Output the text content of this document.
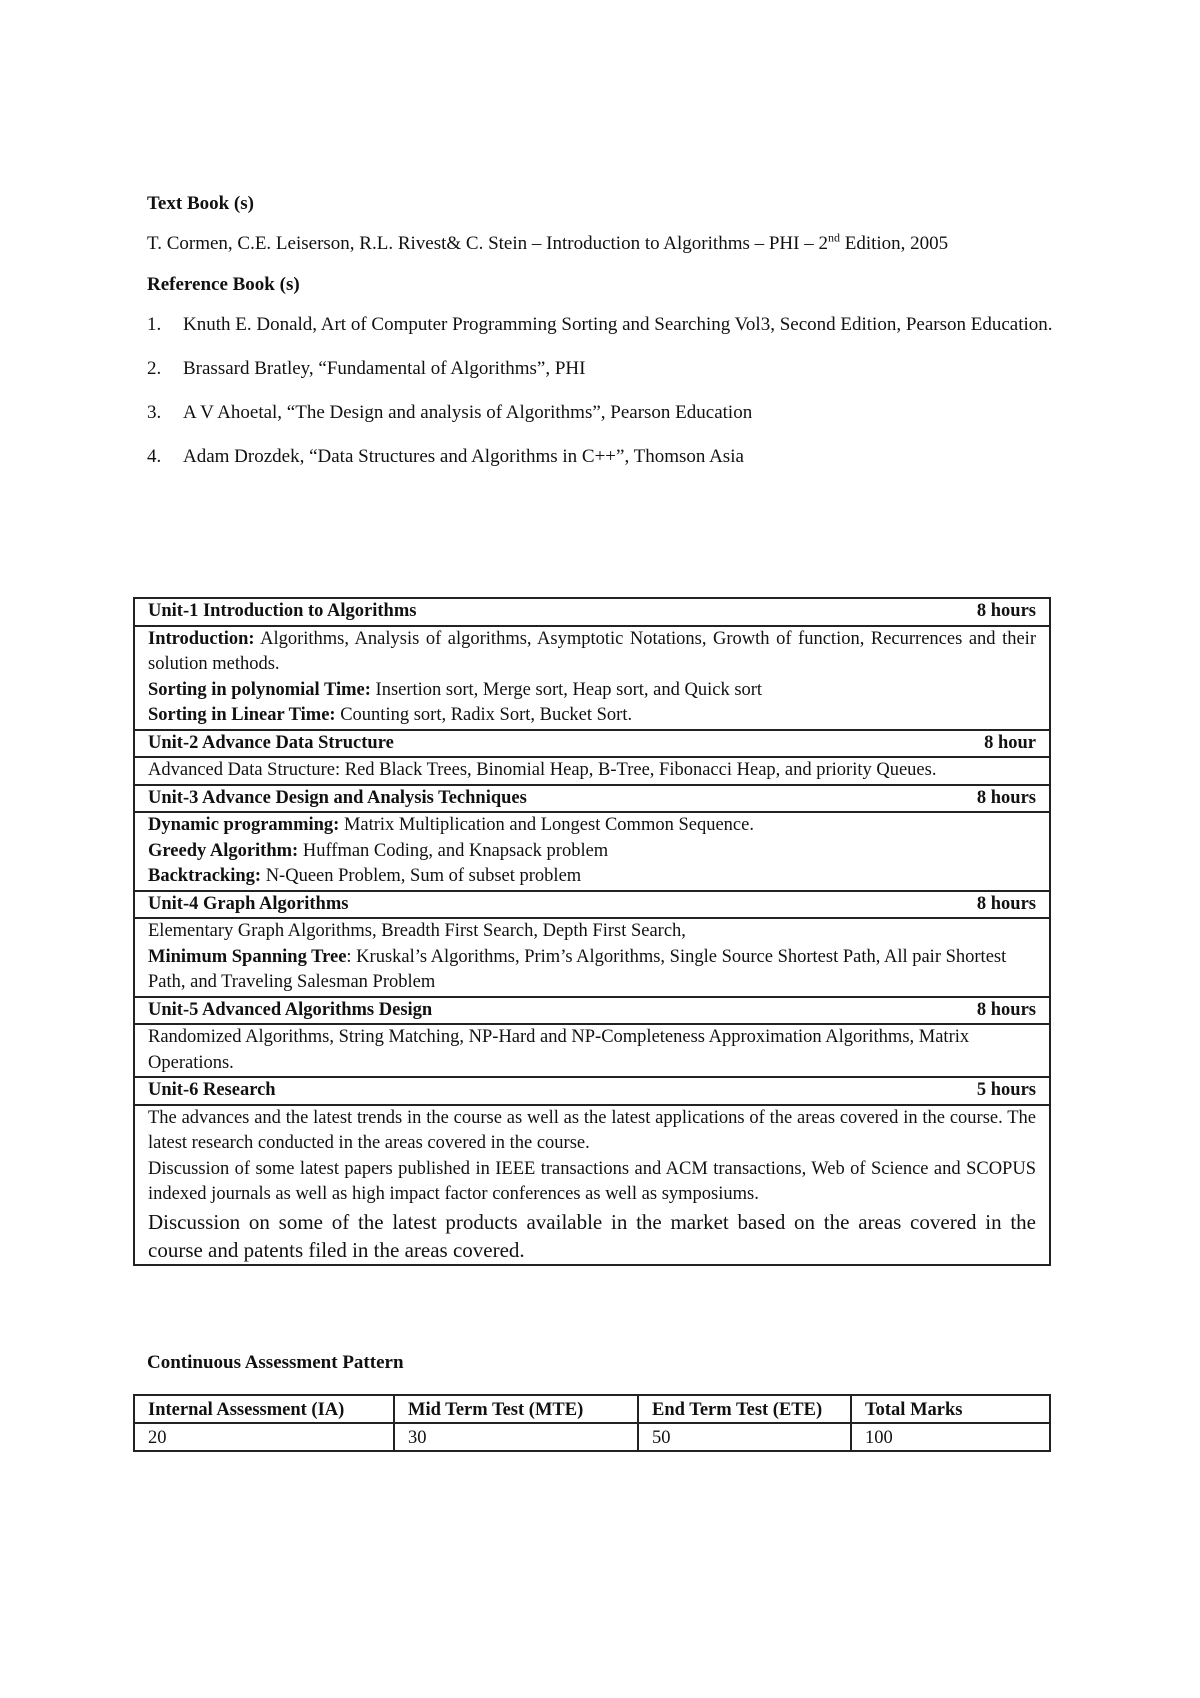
Text Book (s)
T. Cormen, C.E. Leiserson, R.L. Rivest& C. Stein – Introduction to Algorithms – PHI – 2nd Edition, 2005
Reference Book (s)
1. Knuth E. Donald, Art of Computer Programming Sorting and Searching Vol3, Second Edition, Pearson Education.
2. Brassard Bratley, “Fundamental of Algorithms”, PHI
3. A V Ahoetal, “The Design and analysis of Algorithms”, Pearson Education
4. Adam Drozdek, “Data Structures and Algorithms in C++”, Thomson Asia
Unit-1 Introduction to Algorithms	8 hours

Introduction: Algorithms, Analysis of algorithms, Asymptotic Notations, Growth of function, Recurrences and their solution methods.
Sorting in polynomial Time: Insertion sort, Merge sort, Heap sort, and Quick sort
Sorting in Linear Time: Counting sort, Radix Sort, Bucket Sort.

Unit-2 Advance Data Structure	8 hour

Advanced Data Structure: Red Black Trees, Binomial Heap, B-Tree, Fibonacci Heap, and priority Queues.

Unit-3 Advance Design and Analysis Techniques	8 hours

Dynamic programming: Matrix Multiplication and Longest Common Sequence.
Greedy Algorithm: Huffman Coding, and Knapsack problem
Backtracking: N-Queen Problem, Sum of subset problem

Unit-4 Graph Algorithms	8 hours

Elementary Graph Algorithms, Breadth First Search, Depth First Search,
Minimum Spanning Tree: Kruskal’s Algorithms, Prim’s Algorithms, Single Source Shortest Path, All pair Shortest Path, and Traveling Salesman Problem

Unit-5 Advanced Algorithms Design	8 hours

Randomized Algorithms, String Matching, NP-Hard and NP-Completeness Approximation Algorithms, Matrix Operations.

Unit-6 Research	5 hours

The advances and the latest trends in the course as well as the latest applications of the areas covered in the course. The latest research conducted in the areas covered in the course.
Discussion of some latest papers published in IEEE transactions and ACM transactions, Web of Science and SCOPUS indexed journals as well as high impact factor conferences as well as symposiums.
Discussion on some of the latest products available in the market based on the areas covered in the course and patents filed in the areas covered.
Continuous Assessment Pattern
Internal Assessment (IA)	Mid Term Test (MTE)	End Term Test (ETE)	Total Marks
20	30	50	100
